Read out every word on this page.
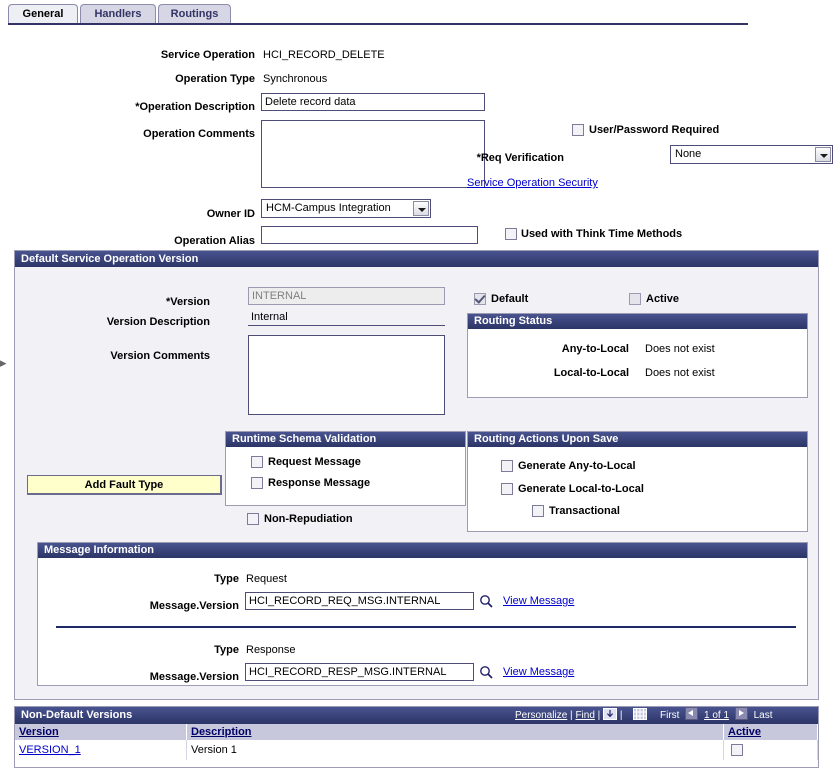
General	Handlers	Routings
Service Operation HCI_RECORD_DELETE
Operation Type Synchronous
*Operation Description
Delete record data
Operation Comments	User/Password Required
*Req Verification	None
Service Operation Security
Owner ID HCM-Campus Integration
Operation Alias
Used with Think Time Methods
Default Service Operation Version
*Version
INTERNAL
Version Description
Internal
Version Comments
Default	Active
Routing Status
Any-to-Local Does not exist
Local-to-Local Does not exist
Add Fault Type
Runtime Schema Validation
Request Message
Response Message
Non-Repudiation
Routing Actions Upon Save
Generate Any-to-Local
Generate Local-to-Local
Transactional
Message Information
Type Request
Message.Version
HCI_RECORD_REQ_MSG.INTERNAL	View Message
Type Response
Message.Version
HCI_RECORD_RESP_MSG.INTERNAL	View Message
▸
Non-Default Versions	Personalize | Find | |	First 1 of 1 Last
Version	Description	Active
VERSION_1	Version 1
